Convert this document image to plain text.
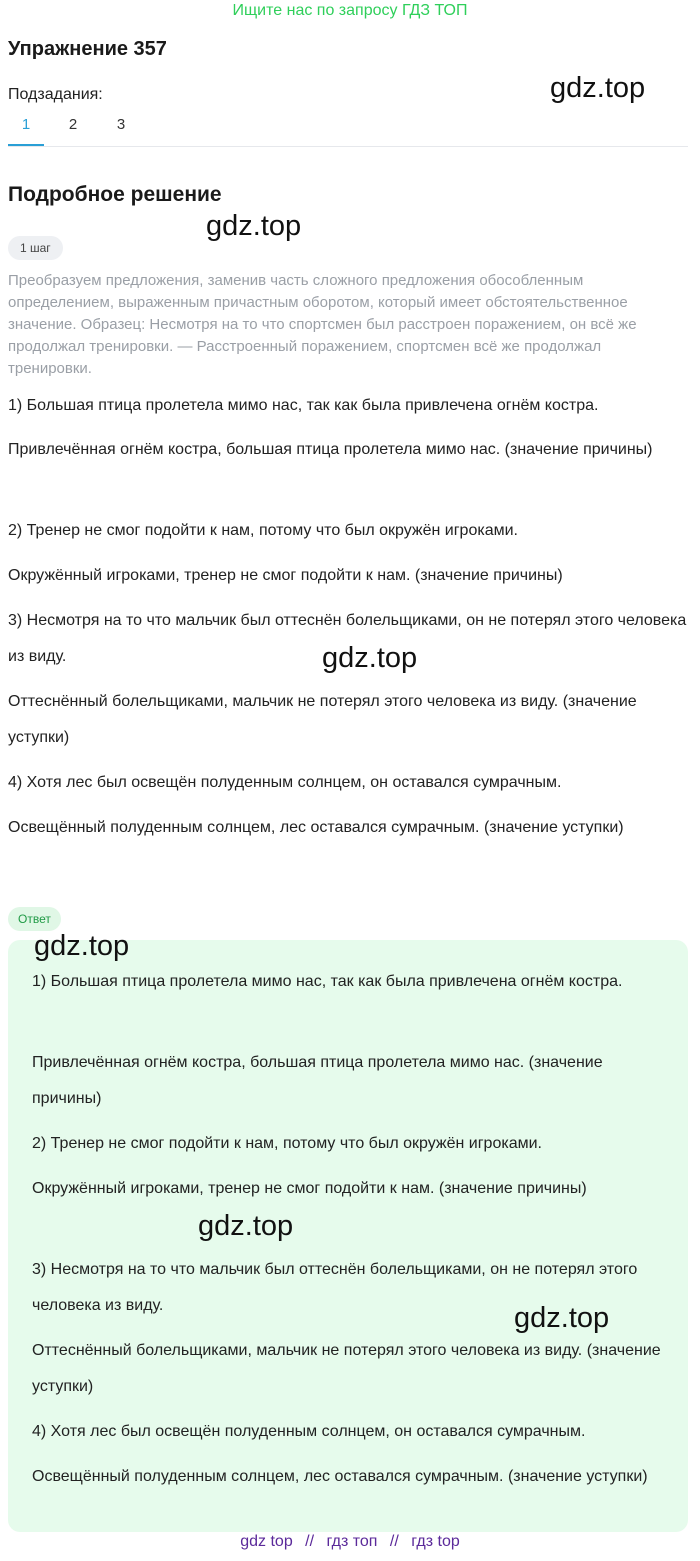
Ищите нас по запросу ГДЗ ТОП
Упражнение 357
Подзадания:	gdz.top
1	2	3
Подробное решение
gdz.top
1 шаг
Преобразуем предложения, заменив часть сложного предложения обособленным определением, выраженным причастным оборотом, который имеет обстоятельственное значение. Образец: Несмотря на то что спортсмен был расстроен поражением, он всё же продолжал тренировки. — Расстроенный поражением, спортсмен всё же продолжал тренировки.
1) Большая птица пролетела мимо нас, так как была привлечена огнём костра.
Привлечённая огнём костра, большая птица пролетела мимо нас. (значение причины)
2) Тренер не смог подойти к нам, потому что был окружён игроками.
Окружённый игроками, тренер не смог подойти к нам. (значение причины)
3) Несмотря на то что мальчик был оттеснён болельщиками, он не потерял этого человека из виду.	gdz.top
Оттеснённый болельщиками, мальчик не потерял этого человека из виду. (значение уступки)
4) Хотя лес был освещён полуденным солнцем, он оставался сумрачным.
Освещённый полуденным солнцем, лес оставался сумрачным. (значение уступки)
Ответ
gdz.top
1) Большая птица пролетела мимо нас, так как была привлечена огнём костра.
Привлечённая огнём костра, большая птица пролетела мимо нас. (значение причины)
2) Тренер не смог подойти к нам, потому что был окружён игроками.
Окружённый игроками, тренер не смог подойти к нам. (значение причины)
gdz.top
3) Несмотря на то что мальчик был оттеснён болельщиками, он не потерял этого человека из виду.	gdz.top
Оттеснённый болельщиками, мальчик не потерял этого человека из виду. (значение уступки)
4) Хотя лес был освещён полуденным солнцем, он оставался сумрачным.
Освещённый полуденным солнцем, лес оставался сумрачным. (значение уступки)
gdz top // гдз топ // гдз top
